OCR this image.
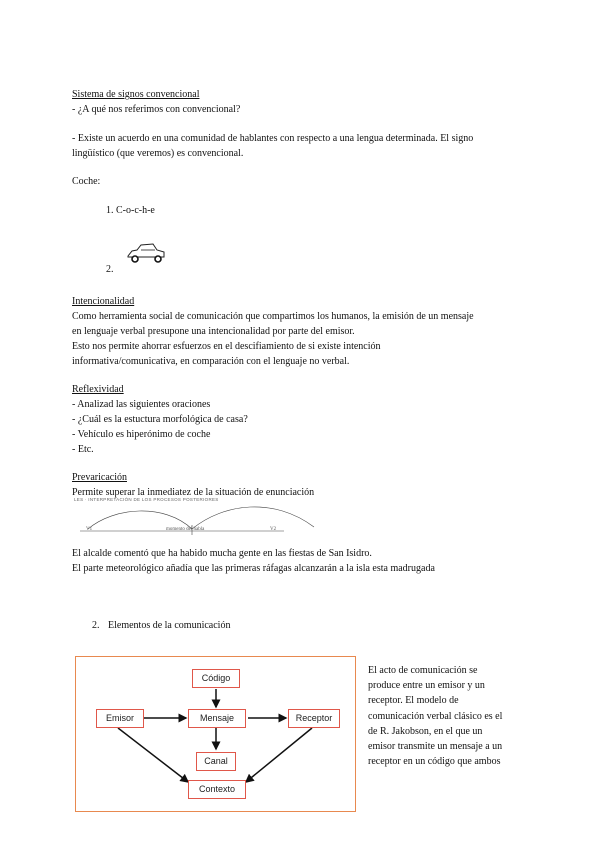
Sistema de signos convencional
- ¿A qué nos referimos con convencional?
- Existe un acuerdo en una comunidad de hablantes con respecto a una lengua determinada. El signo
lingüístico (que veremos) es convencional.
Coche:
1. C-o-c-h-e
2.
Intencionalidad
Como herramienta social de comunicación que compartimos los humanos, la emisión de un mensaje
en lenguaje verbal presupone una intencionalidad por parte del emisor.
Esto nos permite ahorrar esfuerzos en el descifiamiento de si existe intención
informativa/comunicativa, en comparación con el lenguaje no verbal.
Reflexividad
- Analizad las siguientes oraciones
- ¿Cuál es la estuctura morfológica de casa?
- Vehículo es hiperónimo de coche
- Etc.
Prevaricación
Permite superar la inmediatez de la situación de enunciación
LES · INTERPRETACIÓN DE LOS PROCESOS POSTERIORES
V1	momento del habla	V2
El alcalde comentó que ha habido mucha gente en las fiestas de San Isidro.
El parte meteorológico añadía que las primeras ráfagas alcanzarán a la isla esta madrugada
2. Elementos de la comunicación
Código
Emisor	Mensaje	Receptor
Canal
Contexto
El acto de comunicación se
produce entre un emisor y un
receptor. El modelo de
comunicación verbal clásico es el
de R. Jakobson, en el que un
emisor transmite un mensaje a un
receptor en un código que ambos
